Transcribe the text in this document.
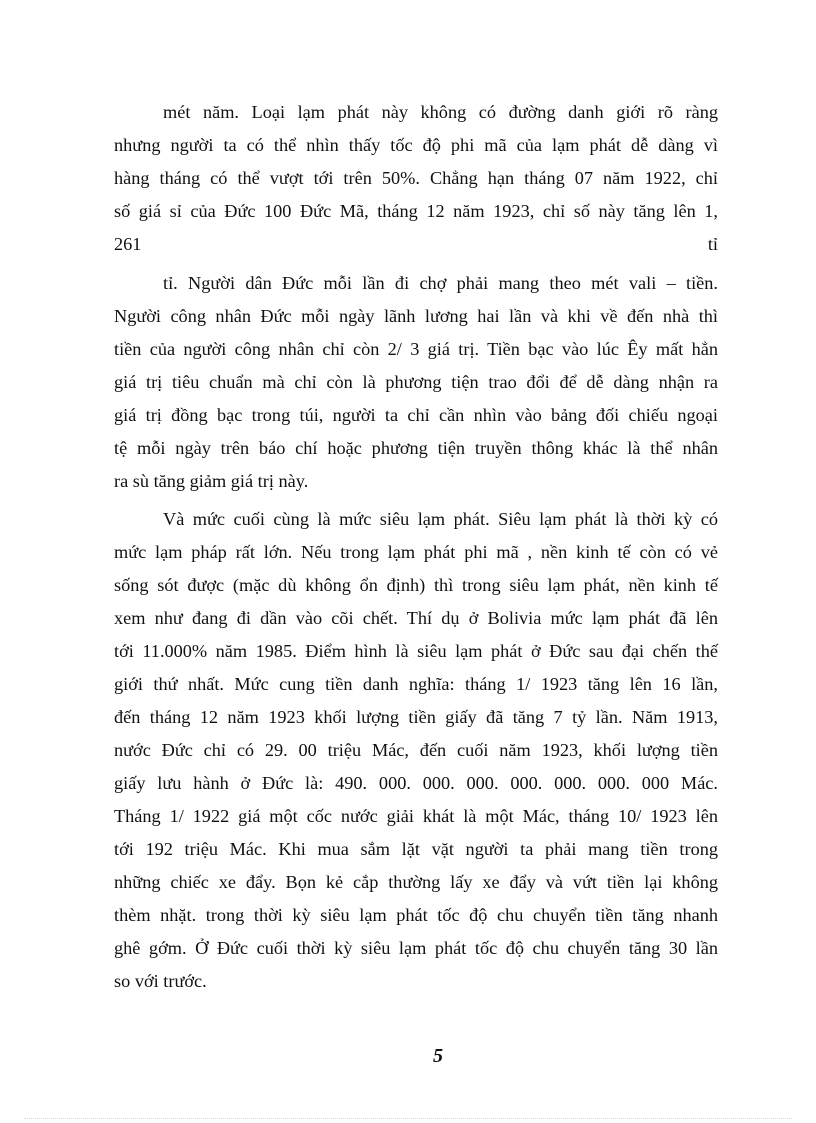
mét năm. Loại lạm phát này không có đường danh giới rõ ràng
nhưng người ta có thể nhìn thấy tốc độ phi mã của lạm phát dễ dàng vì
hàng tháng có thể vượt tới trên 50%. Chẳng hạn tháng 07 năm 1922, chỉ
số giá sỉ của Đức 100 Đức Mã, tháng 12 năm 1923, chỉ số này tăng lên 1,
261	tỉ
tỉ. Người dân Đức mỗi lần đi chợ phải mang theo mét vali – tiền.
Người công nhân Đức mỗi ngày lãnh lương hai lần và khi về đến nhà thì
tiền của người công nhân chỉ còn 2/ 3 giá trị. Tiền bạc vào lúc Êy mất hẳn
giá trị tiêu chuẩn mà chỉ còn là phương tiện trao đổi để dễ dàng nhận ra
giá trị đồng bạc trong túi, người ta chỉ cần nhìn vào bảng đối chiếu ngoại
tệ mỗi ngày trên báo chí hoặc phương tiện truyền thông khác là thể nhân
ra sù tăng giảm giá trị này.
Và mức cuối cùng là mức siêu lạm phát. Siêu lạm phát là thời kỳ có
mức lạm pháp rất lớn. Nếu trong lạm phát phi mã , nền kinh tế còn có vẻ
sống sót được (mặc dù không ổn định) thì trong siêu lạm phát, nền kinh tế
xem như đang đi dần vào cõi chết. Thí dụ ở Bolivia mức lạm phát đã lên
tới 11.000% năm 1985. Điểm hình là siêu lạm phát ở Đức sau đại chến thế
giới thứ nhất. Mức cung tiền danh nghĩa: tháng 1/ 1923 tăng lên 16 lần,
đến tháng 12 năm 1923 khối lượng tiền giấy đã tăng 7 tỷ lần. Năm 1913,
nước Đức chỉ có 29. 00 triệu Mác, đến cuối năm 1923, khối lượng tiền
giấy lưu hành ở Đức là: 490. 000. 000. 000. 000. 000. 000. 000 Mác.
Tháng 1/ 1922 giá một cốc nước giải khát là một Mác, tháng 10/ 1923 lên
tới 192 triệu Mác. Khi mua sắm lặt vặt người ta phải mang tiền trong
những chiếc xe đẩy. Bọn kẻ cắp thường lấy xe đẩy và vứt tiền lại không
thèm nhặt. trong thời kỳ siêu lạm phát tốc độ chu chuyển tiền tăng nhanh
ghê gớm. Ở Đức cuối thời kỳ siêu lạm phát tốc độ chu chuyển tăng 30 lần
so với trước.
5
